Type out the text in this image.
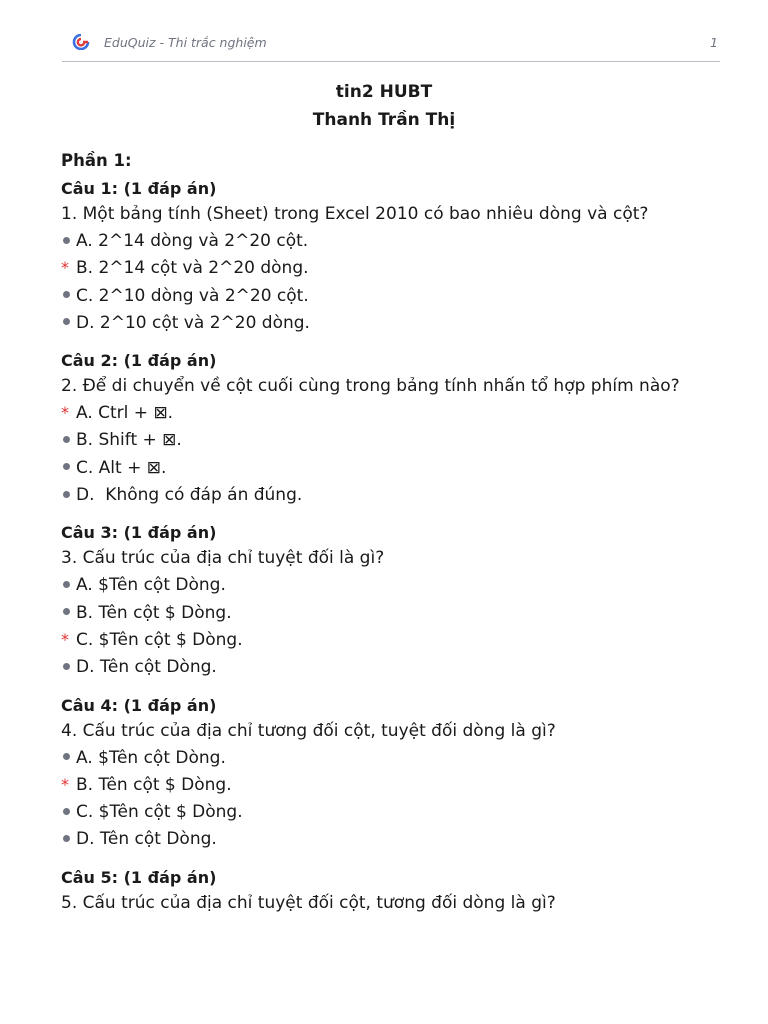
EduQuiz - Thi trắc nghiệm	1
tin2 HUBT
Thanh Trần Thị
Phần 1:
Câu 1: (1 đáp án)
1. Một bảng tính (Sheet) trong Excel 2010 có bao nhiêu dòng và cột?
A. 2^14 dòng và 2^20 cột.
* B. 2^14 cột và 2^20 dòng.
C. 2^10 dòng và 2^20 cột.
D. 2^10 cột và 2^20 dòng.
Câu 2: (1 đáp án)
2. Để di chuyển về cột cuối cùng trong bảng tính nhấn tổ hợp phím nào?
* A. Ctrl + ⊠.
B. Shift + ⊠.
C. Alt + ⊠.
D.  Không có đáp án đúng.
Câu 3: (1 đáp án)
3. Cấu trúc của địa chỉ tuyệt đối là gì?
A. $Tên cột Dòng.
B. Tên cột $ Dòng.
* C. $Tên cột $ Dòng.
D. Tên cột Dòng.
Câu 4: (1 đáp án)
4. Cấu trúc của địa chỉ tương đối cột, tuyệt đối dòng là gì?
A. $Tên cột Dòng.
* B. Tên cột $ Dòng.
C. $Tên cột $ Dòng.
D. Tên cột Dòng.
Câu 5: (1 đáp án)
5. Cấu trúc của địa chỉ tuyệt đối cột, tương đối dòng là gì?
